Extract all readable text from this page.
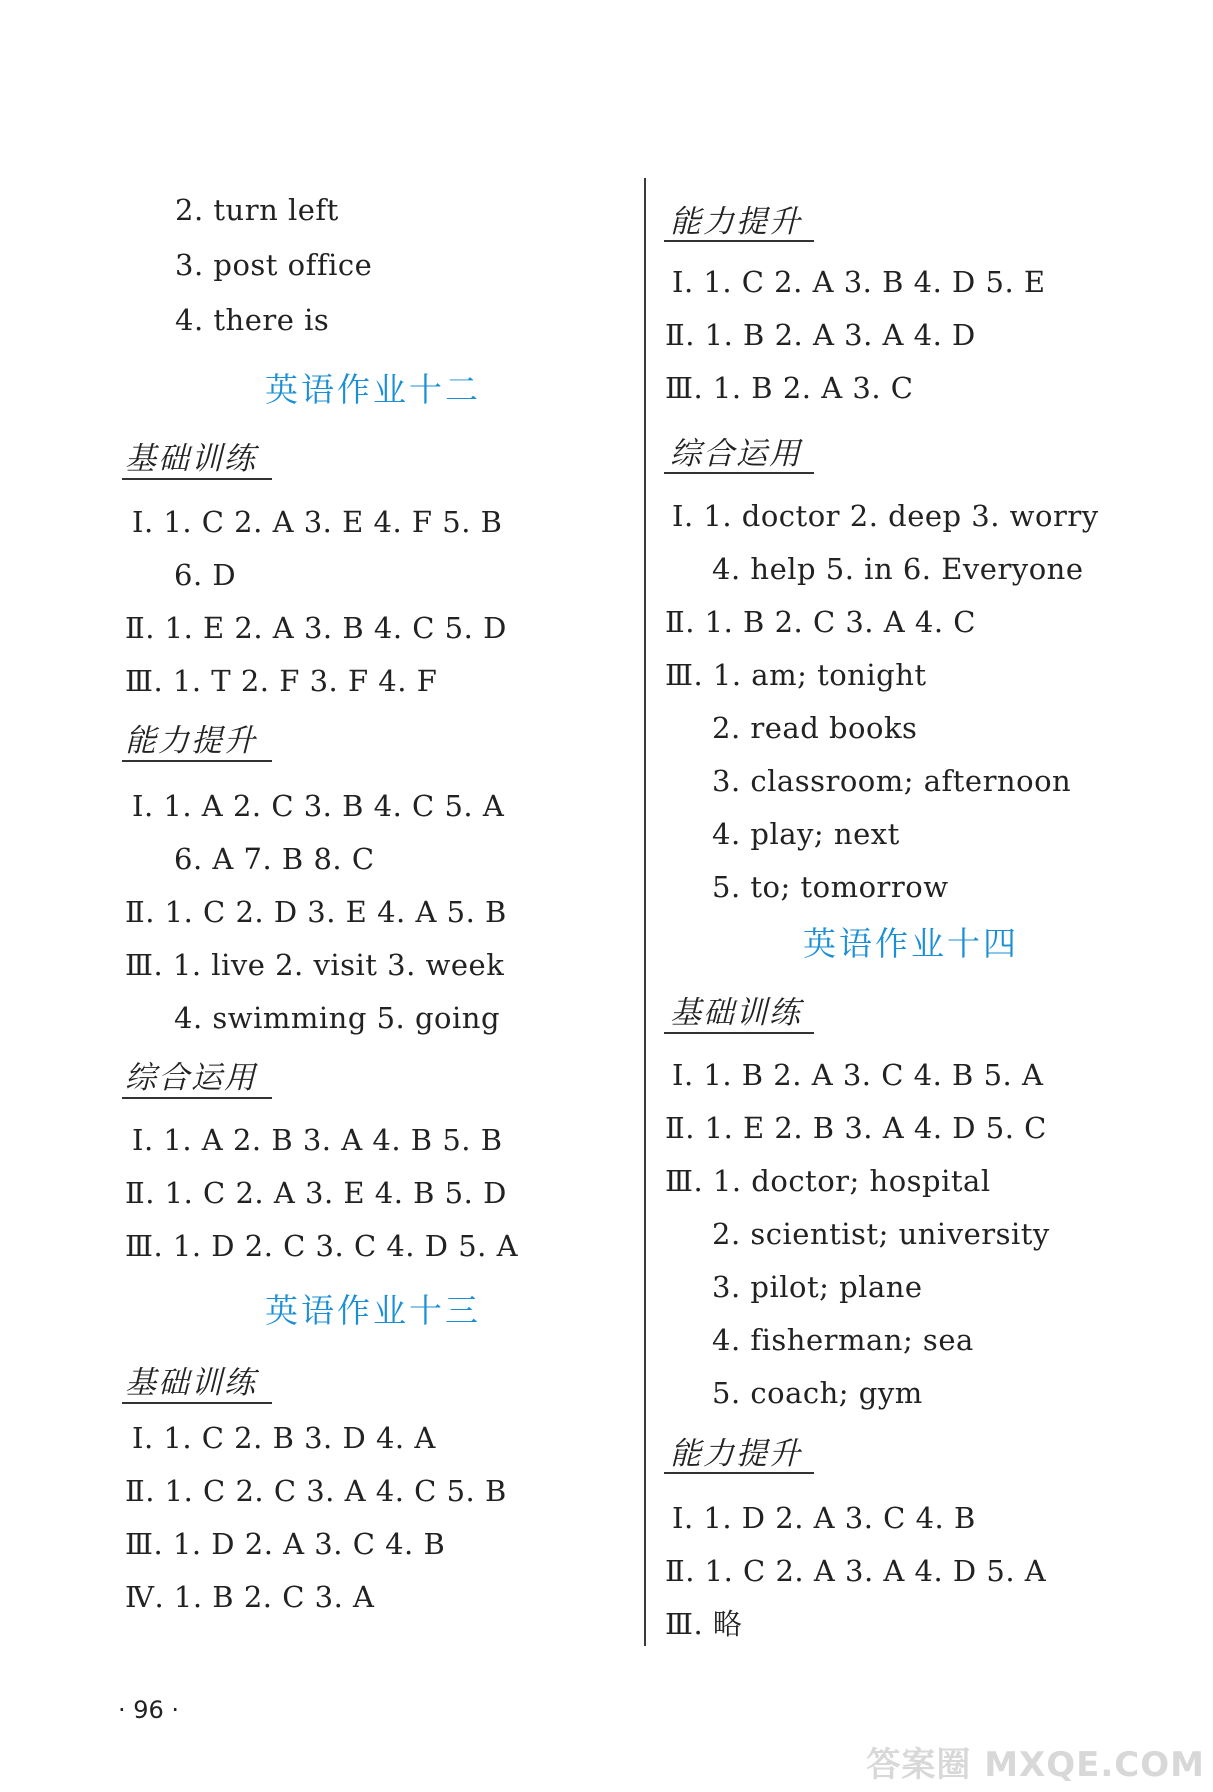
2. turn left
3. post office
4. there is
英语作业十二
基础训练
Ⅰ. 1. C 2. A 3. E 4. F 5. B
6. D
Ⅱ. 1. E 2. A 3. B 4. C 5. D
Ⅲ. 1. T 2. F 3. F 4. F
能力提升
Ⅰ. 1. A 2. C 3. B 4. C 5. A
6. A 7. B 8. C
Ⅱ. 1. C 2. D 3. E 4. A 5. B
Ⅲ. 1. live 2. visit 3. week
4. swimming 5. going
综合运用
Ⅰ. 1. A 2. B 3. A 4. B 5. B
Ⅱ. 1. C 2. A 3. E 4. B 5. D
Ⅲ. 1. D 2. C 3. C 4. D 5. A
英语作业十三
基础训练
Ⅰ. 1. C 2. B 3. D 4. A
Ⅱ. 1. C 2. C 3. A 4. C 5. B
Ⅲ. 1. D 2. A 3. C 4. B
Ⅳ. 1. B 2. C 3. A
能力提升
Ⅰ. 1. C 2. A 3. B 4. D 5. E
Ⅱ. 1. B 2. A 3. A 4. D
Ⅲ. 1. B 2. A 3. C
综合运用
Ⅰ. 1. doctor 2. deep 3. worry
4. help 5. in 6. Everyone
Ⅱ. 1. B 2. C 3. A 4. C
Ⅲ. 1. am; tonight
2. read books
3. classroom; afternoon
4. play; next
5. to; tomorrow
英语作业十四
基础训练
Ⅰ. 1. B 2. A 3. C 4. B 5. A
Ⅱ. 1. E 2. B 3. A 4. D 5. C
Ⅲ. 1. doctor; hospital
2. scientist; university
3. pilot; plane
4. fisherman; sea
5. coach; gym
能力提升
Ⅰ. 1. D 2. A 3. C 4. B
Ⅱ. 1. C 2. A 3. A 4. D 5. A
Ⅲ. 略
· 96 ·
答案圈 MXQE.COM
